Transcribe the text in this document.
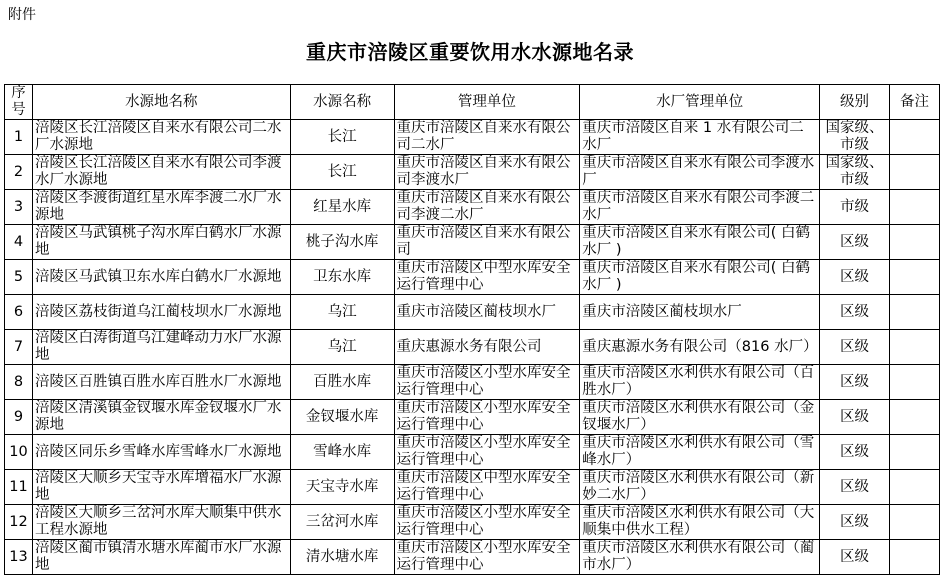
附件
重庆市涪陵区重要饮用水水源地名录
序号	水源地名称	水源名称	管理单位	水厂管理单位	级别	备注
1	涪陵区长江涪陵区自来水有限公司二水厂水源地	长江	重庆市涪陵区自来水有限公司二水厂	重庆市涪陵区自来 1 水有限公司二水厂	国家级、市级	
2	涪陵区长江涪陵区自来水有限公司李渡水厂水源地	长江	重庆市涪陵区自来水有限公司李渡水厂	重庆市涪陵区自来水有限公司李渡水厂	国家级、市级	
3	涪陵区李渡街道红星水库李渡二水厂水源地	红星水库	重庆市涪陵区自来水有限公司李渡二水厂	重庆市涪陵区自来水有限公司李渡二水厂	市级	
4	涪陵区马武镇桃子沟水库白鹤水厂水源地	桃子沟水库	重庆市涪陵区自来水有限公司	重庆市涪陵区自来水有限公司( 白鹤水厂 )	区级	
5	涪陵区马武镇卫东水库白鹤水厂水源地	卫东水库	重庆市涪陵区中型水库安全运行管理中心	重庆市涪陵区自来水有限公司( 白鹤水厂 )	区级	
6	涪陵区荔枝街道乌江蔺枝坝水厂水源地	乌江	重庆市涪陵区蔺枝坝水厂	重庆市涪陵区蔺枝坝水厂	区级	
7	涪陵区白涛街道乌江建峰动力水厂水源地	乌江	重庆惠源水务有限公司	重庆惠源水务有限公司（816 水厂）	区级	
8	涪陵区百胜镇百胜水库百胜水厂水源地	百胜水库	重庆市涪陵区小型水库安全运行管理中心	重庆市涪陵区水利供水有限公司（百胜水厂）	区级	
9	涪陵区清溪镇金钗堰水库金钗堰水厂水源地	金钗堰水库	重庆市涪陵区小型水库安全运行管理中心	重庆市涪陵区水利供水有限公司（金钗堰水厂）	区级	
10	涪陵区同乐乡雪峰水库雪峰水厂水源地	雪峰水库	重庆市涪陵区小型水库安全运行管理中心	重庆市涪陵区水利供水有限公司（雪峰水厂）	区级	
11	涪陵区大顺乡天宝寺水库增福水厂水源地	天宝寺水库	重庆市涪陵区中型水库安全运行管理中心	重庆市涪陵区水利供水有限公司（新妙二水厂）	区级	
12	涪陵区大顺乡三岔河水库大顺集中供水工程水源地	三岔河水库	重庆市涪陵区小型水库安全运行管理中心	重庆市涪陵区水利供水有限公司（大顺集中供水工程）	区级	
13	涪陵区蔺市镇清水塘水库蔺市水厂水源地	清水塘水库	重庆市涪陵区小型水库安全运行管理中心	重庆市涪陵区水利供水有限公司（蔺市水厂）	区级	
